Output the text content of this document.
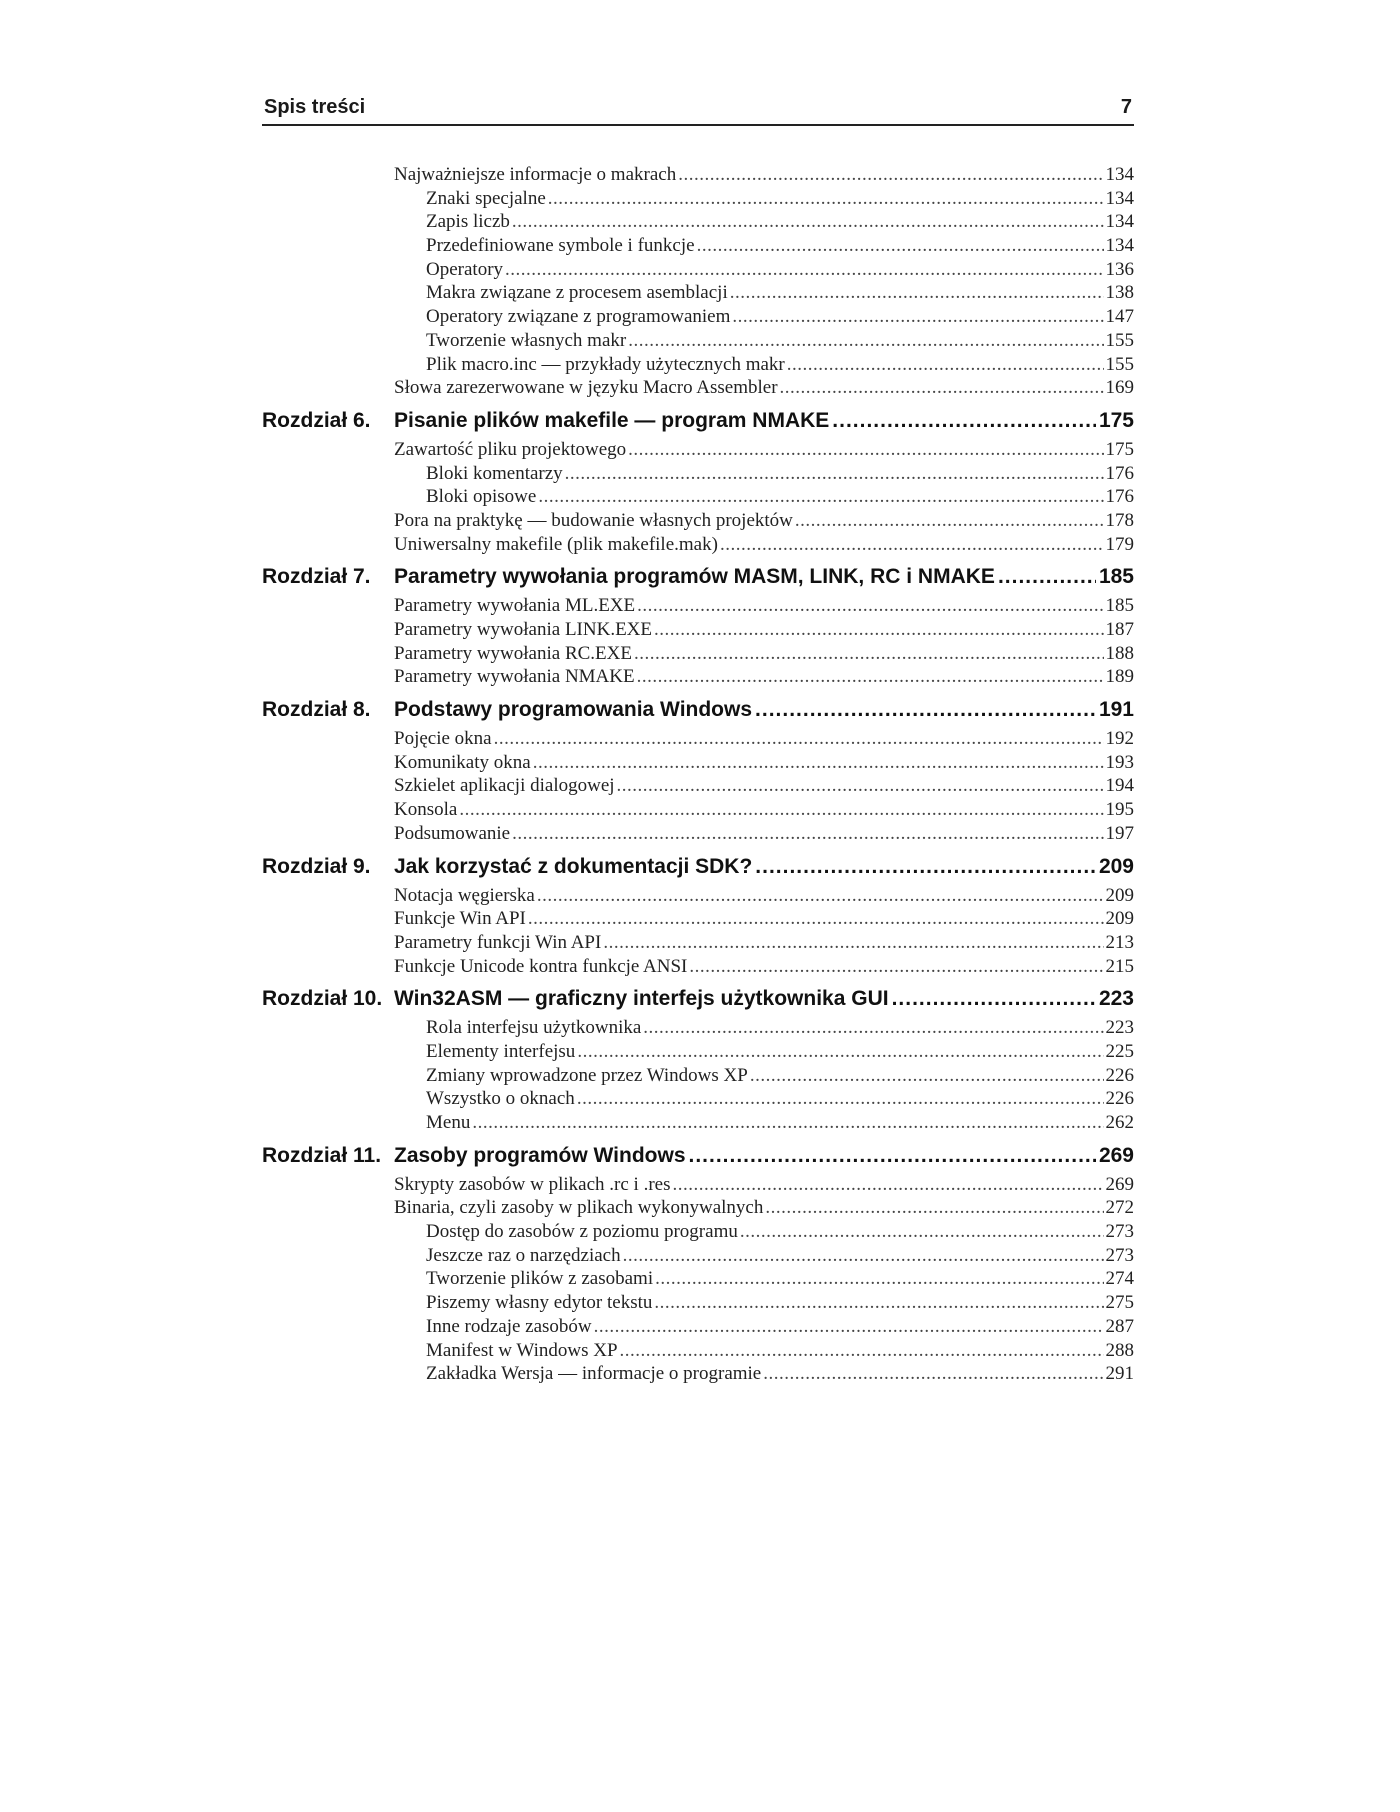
Spis treści	7
Najważniejsze informacje o makrach .....	134
Znaki specjalne .....	134
Zapis liczb .....	134
Przedefiniowane symbole i funkcje .....	134
Operatory .....	136
Makra związane z procesem asemblacji .....	138
Operatory związane z programowaniem .....	147
Tworzenie własnych makr .....	155
Plik macro.inc — przykłady użytecznych makr .....	155
Słowa zarezerwowane w języku Macro Assembler .....	169
Rozdział 6.	Pisanie plików makefile — program NMAKE .....	175
Zawartość pliku projektowego .....	175
Bloki komentarzy .....	176
Bloki opisowe .....	176
Pora na praktykę — budowanie własnych projektów .....	178
Uniwersalny makefile (plik makefile.mak) .....	179
Rozdział 7.	Parametry wywołania programów MASM, LINK, RC i NMAKE .....	185
Parametry wywołania ML.EXE .....	185
Parametry wywołania LINK.EXE .....	187
Parametry wywołania RC.EXE .....	188
Parametry wywołania NMAKE .....	189
Rozdział 8.	Podstawy programowania Windows .....	191
Pojęcie okna .....	192
Komunikaty okna .....	193
Szkielet aplikacji dialogowej .....	194
Konsola .....	195
Podsumowanie .....	197
Rozdział 9.	Jak korzystać z dokumentacji SDK? .....	209
Notacja węgierska .....	209
Funkcje Win API .....	209
Parametry funkcji Win API .....	213
Funkcje Unicode kontra funkcje ANSI .....	215
Rozdział 10. Win32ASM — graficzny interfejs użytkownika GUI .....	223
Rola interfejsu użytkownika .....	223
Elementy interfejsu .....	225
Zmiany wprowadzone przez Windows XP .....	226
Wszystko o oknach .....	226
Menu .....	262
Rozdział 11. Zasoby programów Windows .....	269
Skrypty zasobów w plikach .rc i .res .....	269
Binaria, czyli zasoby w plikach wykonywalnych .....	272
Dostęp do zasobów z poziomu programu .....	273
Jeszcze raz o narzędziach .....	273
Tworzenie plików z zasobami .....	274
Piszemy własny edytor tekstu .....	275
Inne rodzaje zasobów .....	287
Manifest w Windows XP .....	288
Zakładka Wersja — informacje o programie .....	291
